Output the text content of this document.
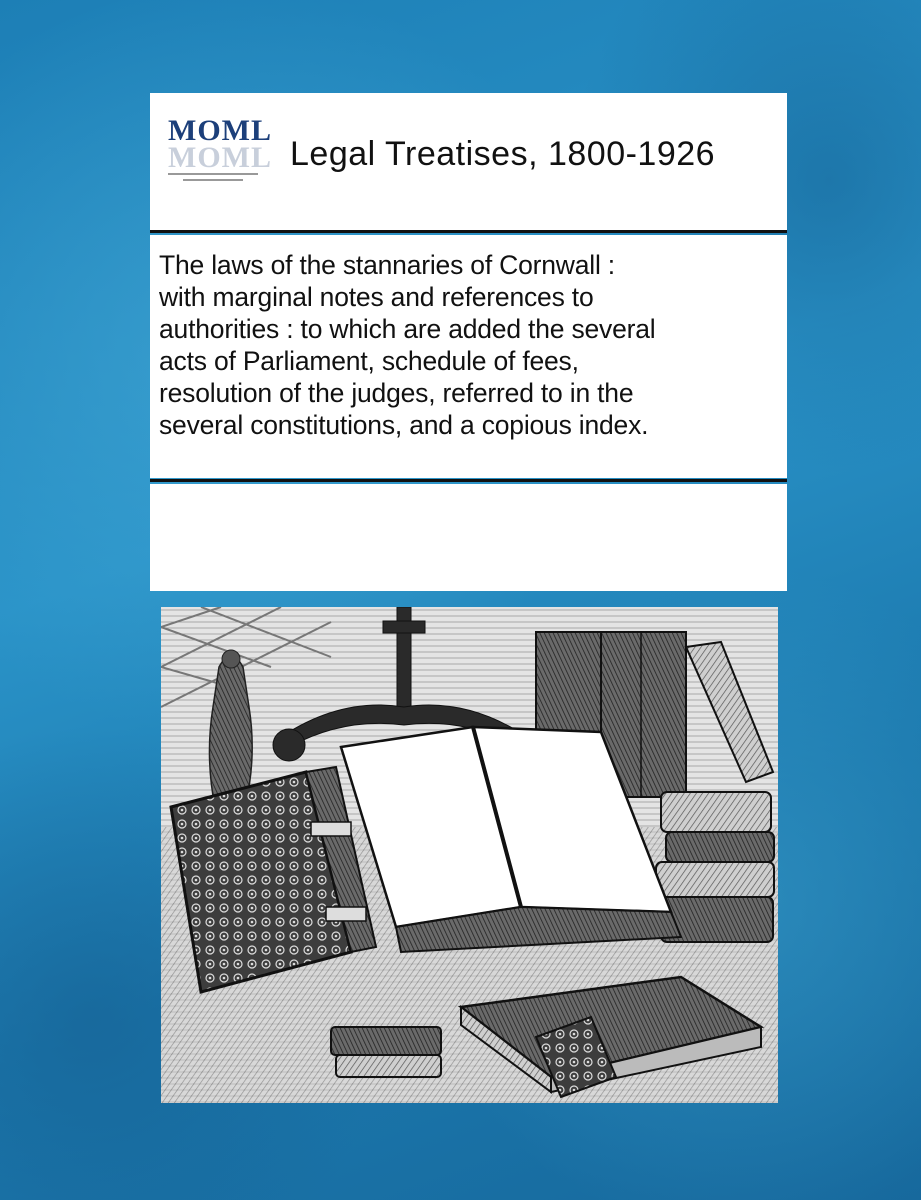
MOML
MOML Legal Treatises, 1800-1926
The laws of the stannaries of Cornwall :
with marginal notes and references to
authorities : to which are added the several
acts of Parliament, schedule of fees,
resolution of the judges, referred to in the
several constitutions, and a copious index.
